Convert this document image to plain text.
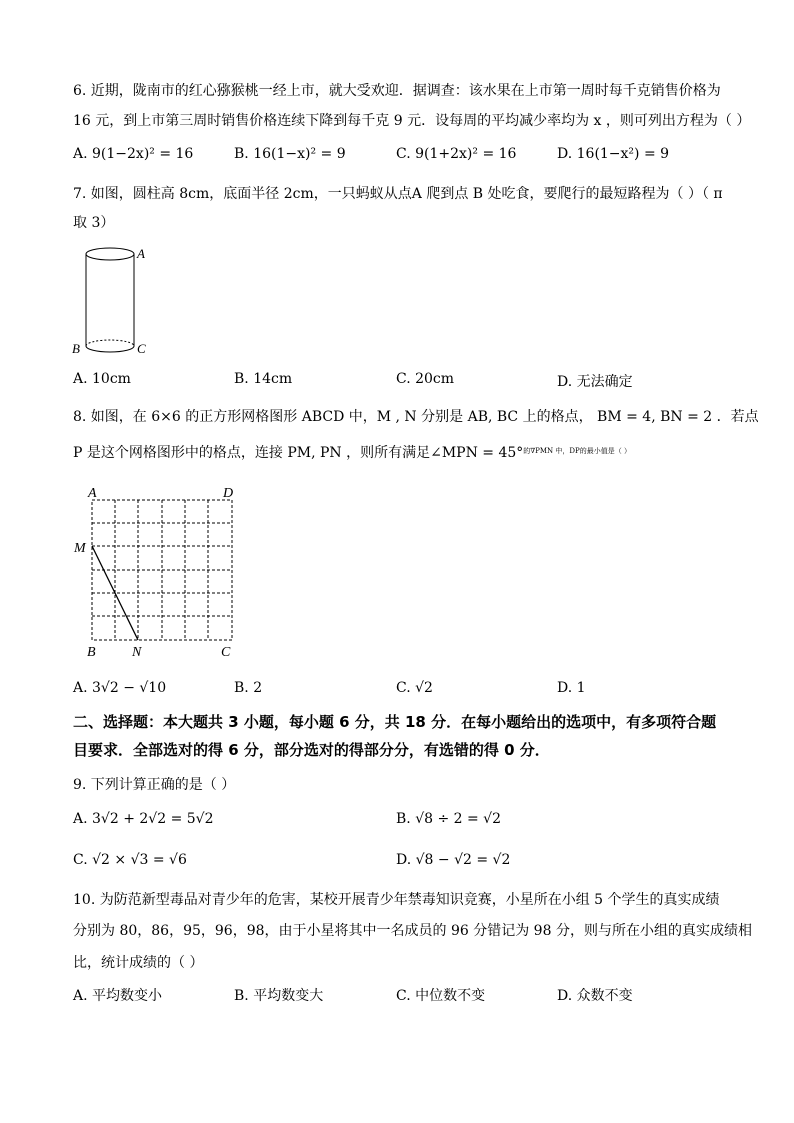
6. 近期，陇南市的红心猕猴桃一经上市，就大受欢迎．据调查：该水果在上市第一周时每千克销售价格为
16 元，到上市第三周时销售价格连续下降到每千克 9 元．设每周的平均减少率均为 x ，则可列出方程为（ ）
A. 9(1−2x)² = 16	B. 16(1−x)² = 9	C. 9(1+2x)² = 16	D. 16(1−x²) = 9
7. 如图，圆柱高 8cm，底面半径 2cm，一只蚂蚁从点A 爬到点 B 处吃食，要爬行的最短路程为（ ）（ π
取 3）
A
B	C
A. 10cm	B. 14cm	C. 20cm	D. 无法确定
8. 如图，在 6×6 的正方形网格图形 ABCD 中，M , N 分别是 AB, BC 上的格点， BM = 4, BN = 2 ．若点
P 是这个网格图形中的格点，连接 PM, PN ，则所有满足∠MPN = 45°$^{的\nabla PMN 中,DP的最小值是( )}$
A	D
M
B	N	C
A. 3√2 − √10	B. 2	C. √2	D. 1
二、选择题：本大题共 3 小题，每小题 6 分，共 18 分．在每小题给出的选项中，有多项符合题目要求．全部选对的得 6 分，部分选对的得部分分，有选错的得 0 分．
9. 下列计算正确的是（ ）
A. 3√2 + 2√2 = 5√2	B. √8 ÷ 2 = √2
C. √2 × √3 = √6	D. √8 − √2 = √2
10. 为防范新型毒品对青少年的危害，某校开展青少年禁毒知识竞赛，小星所在小组 5 个学生的真实成绩
分别为 80，86，95，96，98，由于小星将其中一名成员的 96 分错记为 98 分，则与所在小组的真实成绩相
比，统计成绩的（ ）
A. 平均数变小	B. 平均数变大	C. 中位数不变	D. 众数不变
